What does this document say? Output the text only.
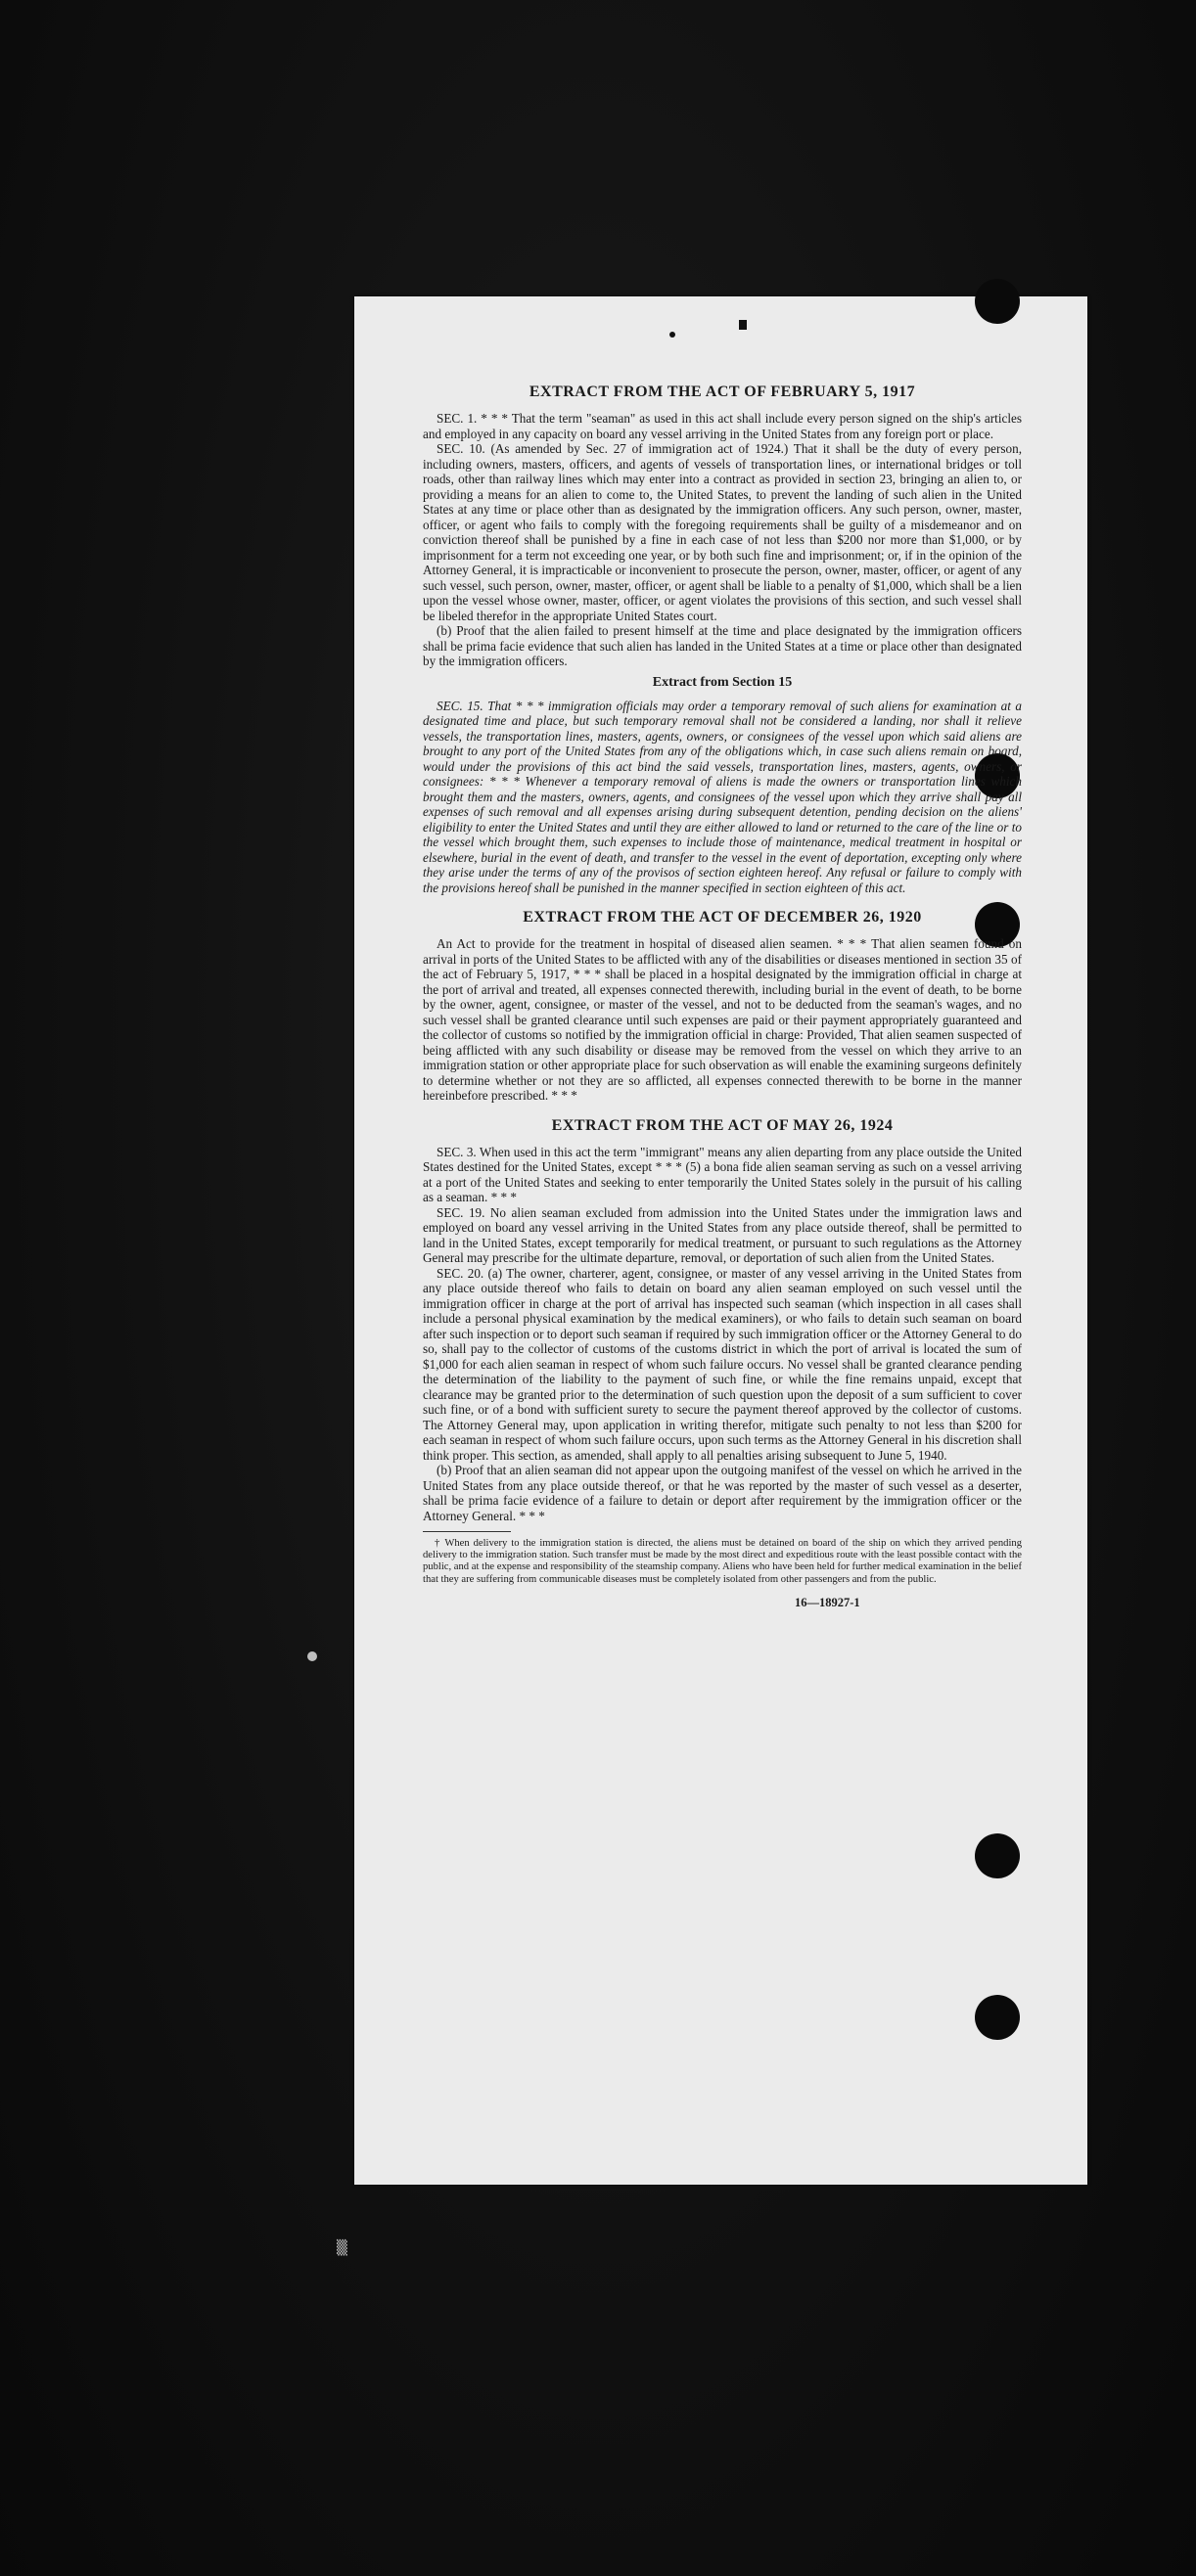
EXTRACT FROM THE ACT OF FEBRUARY 5, 1917

SEC. 1. * * * That the term "seaman" as used in this act shall include every person signed on the ship's articles and employed in any capacity on board any vessel arriving in the United States from any foreign port or place.

SEC. 10. (As amended by Sec. 27 of immigration act of 1924.) That it shall be the duty of every person, including owners, masters, officers, and agents of vessels of transportation lines, or international bridges or toll roads, other than railway lines which may enter into a contract as provided in section 23, bringing an alien to, or providing a means for an alien to come to, the United States, to prevent the landing of such alien in the United States at any time or place other than as designated by the immigration officers. Any such person, owner, master, officer, or agent who fails to comply with the foregoing requirements shall be guilty of a misdemeanor and on conviction thereof shall be punished by a fine in each case of not less than $200 nor more than $1,000, or by imprisonment for a term not exceeding one year, or by both such fine and imprisonment; or, if in the opinion of the Attorney General, it is impracticable or inconvenient to prosecute the person, owner, master, officer, or agent of any such vessel, such person, owner, master, officer, or agent shall be liable to a penalty of $1,000, which shall be a lien upon the vessel whose owner, master, officer, or agent violates the provisions of this section, and such vessel shall be libeled therefor in the appropriate United States court.

(b) Proof that the alien failed to present himself at the time and place designated by the immigration officers shall be prima facie evidence that such alien has landed in the United States at a time or place other than designated by the immigration officers.

Extract from Section 15

SEC. 15. That * * * immigration officials may order a temporary removal of such aliens for examination at a designated time and place, but such temporary removal shall not be considered a landing, nor shall it relieve vessels, the transportation lines, masters, agents, owners, or consignees of the vessel upon which said aliens are brought to any port of the United States from any of the obligations which, in case such aliens remain on board, would under the provisions of this act bind the said vessels, transportation lines, masters, agents, owners, or consignees: * * * Whenever a temporary removal of aliens is made the owners or transportation lines which brought them and the masters, owners, agents, and consignees of the vessel upon which they arrive shall pay all expenses of such removal and all expenses arising during subsequent detention, pending decision on the aliens' eligibility to enter the United States and until they are either allowed to land or returned to the care of the line or to the vessel which brought them, such expenses to include those of maintenance, medical treatment in hospital or elsewhere, burial in the event of death, and transfer to the vessel in the event of deportation, excepting only where they arise under the terms of any of the provisos of section eighteen hereof. Any refusal or failure to comply with the provisions hereof shall be punished in the manner specified in section eighteen of this act.

EXTRACT FROM THE ACT OF DECEMBER 26, 1920

An Act to provide for the treatment in hospital of diseased alien seamen. * * * That alien seamen found on arrival in ports of the United States to be afflicted with any of the disabilities or diseases mentioned in section 35 of the act of February 5, 1917, * * * shall be placed in a hospital designated by the immigration official in charge at the port of arrival and treated, all expenses connected therewith, including burial in the event of death, to be borne by the owner, agent, consignee, or master of the vessel, and not to be deducted from the seaman's wages, and no such vessel shall be granted clearance until such expenses are paid or their payment appropriately guaranteed and the collector of customs so notified by the immigration official in charge: Provided, That alien seamen suspected of being afflicted with any such disability or disease may be removed from the vessel on which they arrive to an immigration station or other appropriate place for such observation as will enable the examining surgeons definitely to determine whether or not they are so afflicted, all expenses connected therewith to be borne in the manner hereinbefore prescribed. * * *

EXTRACT FROM THE ACT OF MAY 26, 1924

SEC. 3. When used in this act the term "immigrant" means any alien departing from any place outside the United States destined for the United States, except * * * (5) a bona fide alien seaman serving as such on a vessel arriving at a port of the United States and seeking to enter temporarily the United States solely in the pursuit of his calling as a seaman. * * *

SEC. 19. No alien seaman excluded from admission into the United States under the immigration laws and employed on board any vessel arriving in the United States from any place outside thereof, shall be permitted to land in the United States, except temporarily for medical treatment, or pursuant to such regulations as the Attorney General may prescribe for the ultimate departure, removal, or deportation of such alien from the United States.

SEC. 20. (a) The owner, charterer, agent, consignee, or master of any vessel arriving in the United States from any place outside thereof who fails to detain on board any alien seaman employed on such vessel until the immigration officer in charge at the port of arrival has inspected such seaman (which inspection in all cases shall include a personal physical examination by the medical examiners), or who fails to detain such seaman on board after such inspection or to deport such seaman if required by such immigration officer or the Attorney General to do so, shall pay to the collector of customs of the customs district in which the port of arrival is located the sum of $1,000 for each alien seaman in respect of whom such failure occurs. No vessel shall be granted clearance pending the determination of the liability to the payment of such fine, or while the fine remains unpaid, except that clearance may be granted prior to the determination of such question upon the deposit of a sum sufficient to cover such fine, or of a bond with sufficient surety to secure the payment thereof approved by the collector of customs. The Attorney General may, upon application in writing therefor, mitigate such penalty to not less than $200 for each seaman in respect of whom such failure occurs, upon such terms as the Attorney General in his discretion shall think proper. This section, as amended, shall apply to all penalties arising subsequent to June 5, 1940.

(b) Proof that an alien seaman did not appear upon the outgoing manifest of the vessel on which he arrived in the United States from any place outside thereof, or that he was reported by the master of such vessel as a deserter, shall be prima facie evidence of a failure to detain or deport after requirement by the immigration officer or the Attorney General. * * *

† When delivery to the immigration station is directed, the aliens must be detained on board of the ship on which they arrived pending delivery to the immigration station. Such transfer must be made by the most direct and expeditious route with the least possible contact with the public, and at the expense and responsibility of the steamship company. Aliens who have been held for further medical examination in the belief that they are suffering from communicable diseases must be completely isolated from other passengers and from the public.

16—18927-1
▒
